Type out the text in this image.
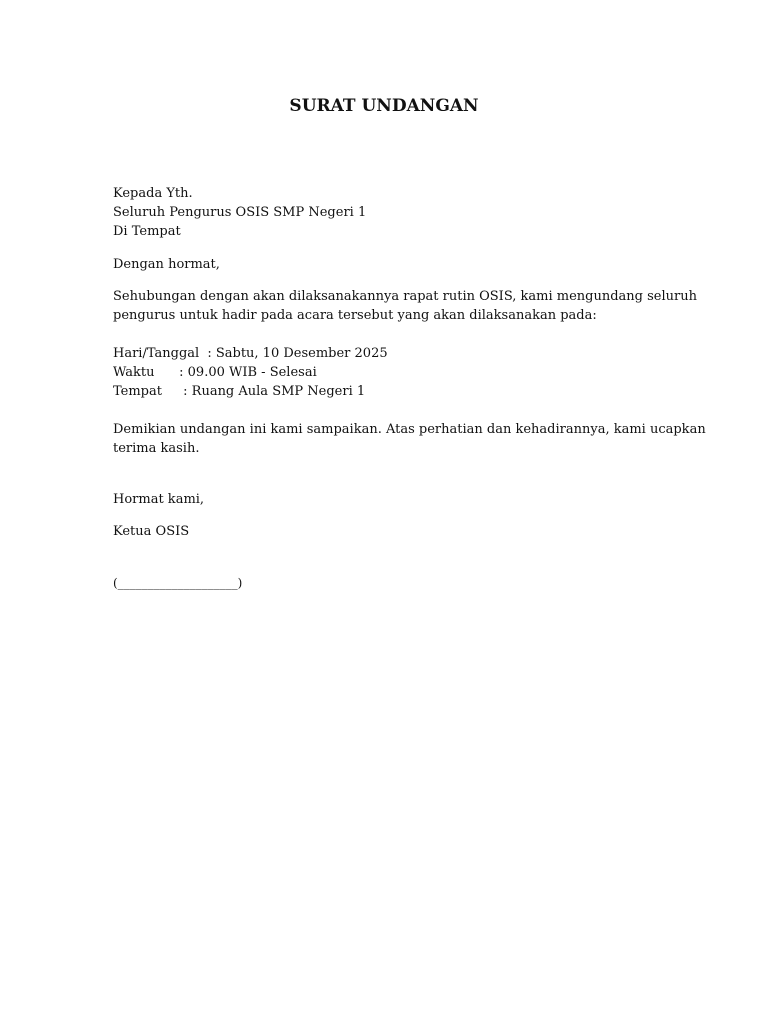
SURAT UNDANGAN
Kepada Yth.
Seluruh Pengurus OSIS SMP Negeri 1
Di Tempat
Dengan hormat,
Sehubungan dengan akan dilaksanakannya rapat rutin OSIS, kami mengundang seluruh
pengurus untuk hadir pada acara tersebut yang akan dilaksanakan pada:
Hari/Tanggal : Sabtu, 10 Desember 2025
Waktu : 09.00 WIB - Selesai
Tempat : Ruang Aula SMP Negeri 1
Demikian undangan ini kami sampaikan. Atas perhatian dan kehadirannya, kami ucapkan
terima kasih.
Hormat kami,
Ketua OSIS
(____________________)
